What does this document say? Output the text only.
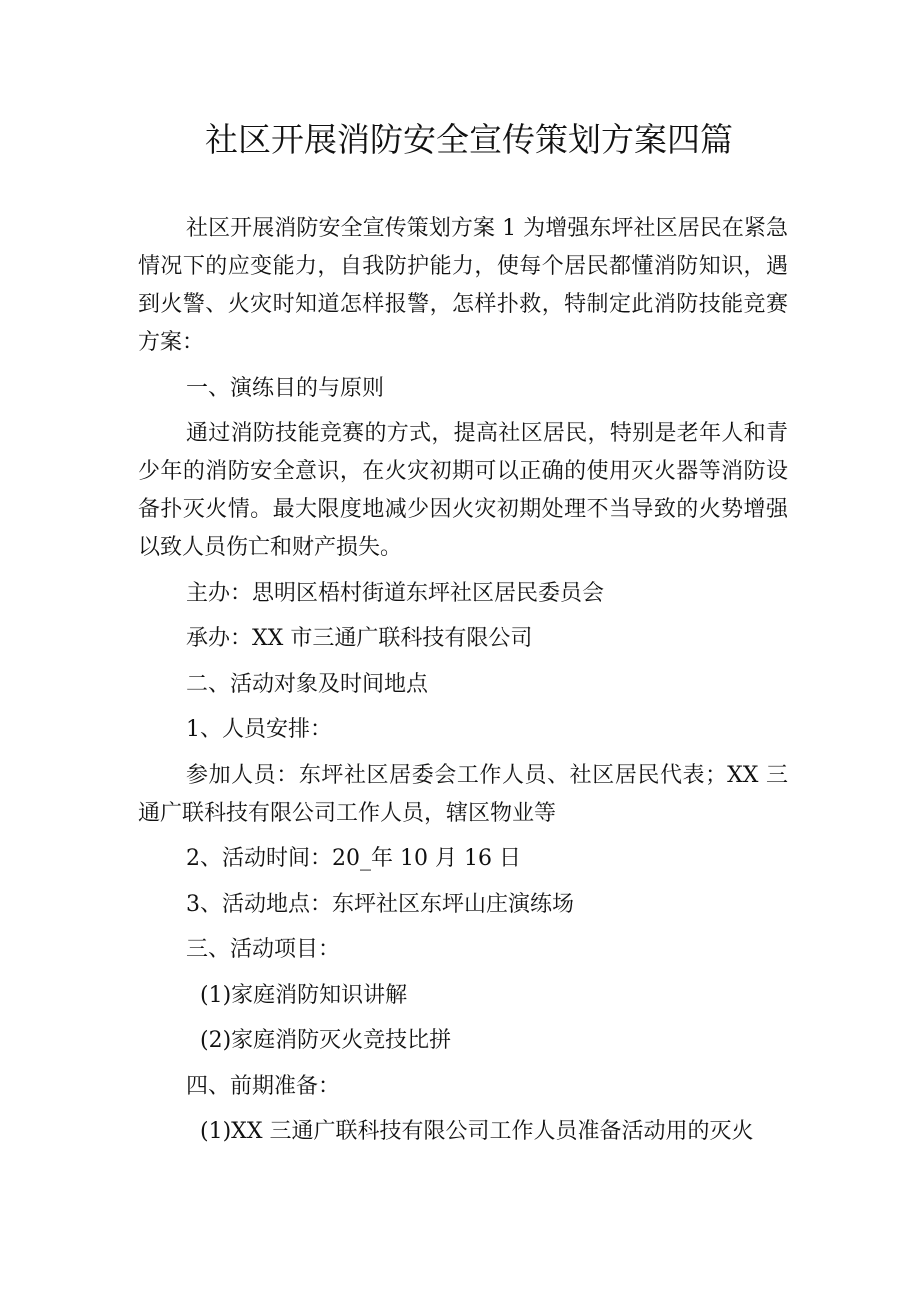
社区开展消防安全宣传策划方案四篇

社区开展消防安全宣传策划方案 1 为增强东坪社区居民在紧急情况下的应变能力，自我防护能力，使每个居民都懂消防知识，遇到火警、火灾时知道怎样报警，怎样扑救，特制定此消防技能竞赛方案：

一、演练目的与原则

通过消防技能竞赛的方式，提高社区居民，特别是老年人和青少年的消防安全意识，在火灾初期可以正确的使用灭火器等消防设备扑灭火情。最大限度地减少因火灾初期处理不当导致的火势增强以致人员伤亡和财产损失。

主办：思明区梧村街道东坪社区居民委员会

承办：XX 市三通广联科技有限公司

二、活动对象及时间地点

1、人员安排：

参加人员：东坪社区居委会工作人员、社区居民代表；XX 三通广联科技有限公司工作人员，辖区物业等

2、活动时间：20_年 10 月 16 日

3、活动地点：东坪社区东坪山庄演练场

三、活动项目：

(1)家庭消防知识讲解

(2)家庭消防灭火竞技比拼

四、前期准备：

(1)XX 三通广联科技有限公司工作人员准备活动用的灭火
